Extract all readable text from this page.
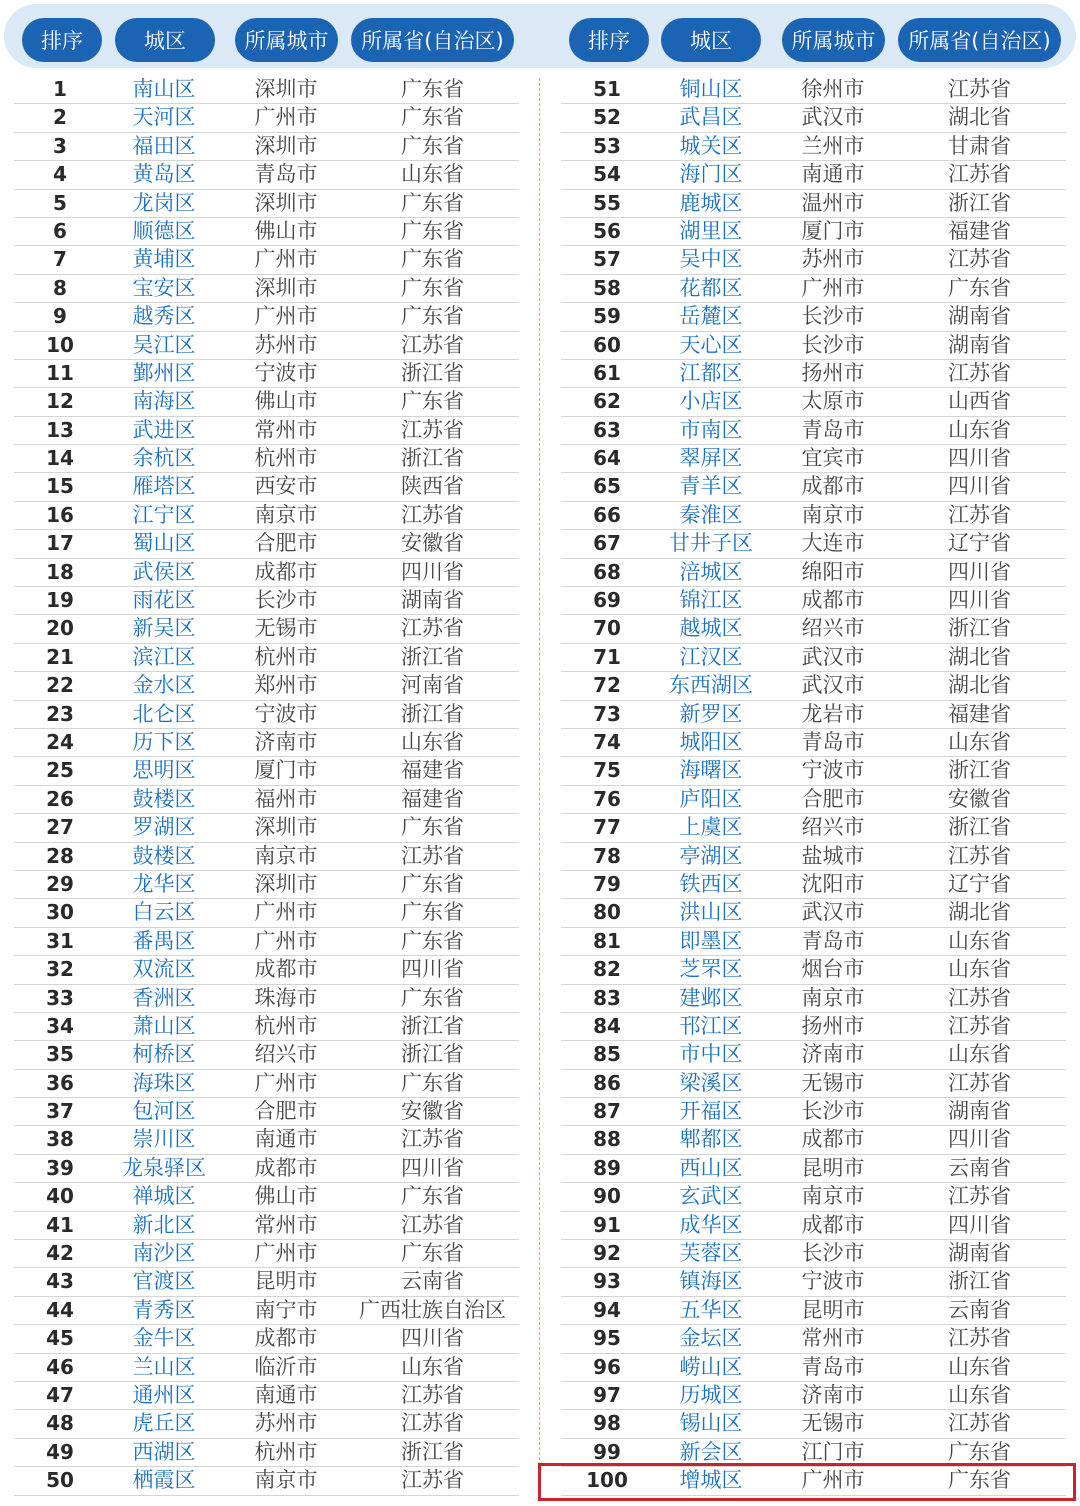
排序	城区	所属城市	所属省(自治区)	排序	城区	所属城市	所属省(自治区)
1	南山区	深圳市	广东省
2	天河区	广州市	广东省
3	福田区	深圳市	广东省
4	黄岛区	青岛市	山东省
5	龙岗区	深圳市	广东省
6	顺德区	佛山市	广东省
7	黄埔区	广州市	广东省
8	宝安区	深圳市	广东省
9	越秀区	广州市	广东省
10	吴江区	苏州市	江苏省
11	鄞州区	宁波市	浙江省
12	南海区	佛山市	广东省
13	武进区	常州市	江苏省
14	余杭区	杭州市	浙江省
15	雁塔区	西安市	陕西省
16	江宁区	南京市	江苏省
17	蜀山区	合肥市	安徽省
18	武侯区	成都市	四川省
19	雨花区	长沙市	湖南省
20	新吴区	无锡市	江苏省
21	滨江区	杭州市	浙江省
22	金水区	郑州市	河南省
23	北仑区	宁波市	浙江省
24	历下区	济南市	山东省
25	思明区	厦门市	福建省
26	鼓楼区	福州市	福建省
27	罗湖区	深圳市	广东省
28	鼓楼区	南京市	江苏省
29	龙华区	深圳市	广东省
30	白云区	广州市	广东省
31	番禺区	广州市	广东省
32	双流区	成都市	四川省
33	香洲区	珠海市	广东省
34	萧山区	杭州市	浙江省
35	柯桥区	绍兴市	浙江省
36	海珠区	广州市	广东省
37	包河区	合肥市	安徽省
38	崇川区	南通市	江苏省
39	龙泉驿区	成都市	四川省
40	禅城区	佛山市	广东省
41	新北区	常州市	江苏省
42	南沙区	广州市	广东省
43	官渡区	昆明市	云南省
44	青秀区	南宁市	广西壮族自治区
45	金牛区	成都市	四川省
46	兰山区	临沂市	山东省
47	通州区	南通市	江苏省
48	虎丘区	苏州市	江苏省
49	西湖区	杭州市	浙江省
50	栖霞区	南京市	江苏省
51	铜山区	徐州市	江苏省
52	武昌区	武汉市	湖北省
53	城关区	兰州市	甘肃省
54	海门区	南通市	江苏省
55	鹿城区	温州市	浙江省
56	湖里区	厦门市	福建省
57	吴中区	苏州市	江苏省
58	花都区	广州市	广东省
59	岳麓区	长沙市	湖南省
60	天心区	长沙市	湖南省
61	江都区	扬州市	江苏省
62	小店区	太原市	山西省
63	市南区	青岛市	山东省
64	翠屏区	宜宾市	四川省
65	青羊区	成都市	四川省
66	秦淮区	南京市	江苏省
67	甘井子区	大连市	辽宁省
68	涪城区	绵阳市	四川省
69	锦江区	成都市	四川省
70	越城区	绍兴市	浙江省
71	江汉区	武汉市	湖北省
72	东西湖区	武汉市	湖北省
73	新罗区	龙岩市	福建省
74	城阳区	青岛市	山东省
75	海曙区	宁波市	浙江省
76	庐阳区	合肥市	安徽省
77	上虞区	绍兴市	浙江省
78	亭湖区	盐城市	江苏省
79	铁西区	沈阳市	辽宁省
80	洪山区	武汉市	湖北省
81	即墨区	青岛市	山东省
82	芝罘区	烟台市	山东省
83	建邺区	南京市	江苏省
84	邗江区	扬州市	江苏省
85	市中区	济南市	山东省
86	梁溪区	无锡市	江苏省
87	开福区	长沙市	湖南省
88	郫都区	成都市	四川省
89	西山区	昆明市	云南省
90	玄武区	南京市	江苏省
91	成华区	成都市	四川省
92	芙蓉区	长沙市	湖南省
93	镇海区	宁波市	浙江省
94	五华区	昆明市	云南省
95	金坛区	常州市	江苏省
96	崂山区	青岛市	山东省
97	历城区	济南市	山东省
98	锡山区	无锡市	江苏省
99	新会区	江门市	广东省
100	增城区	广州市	广东省
